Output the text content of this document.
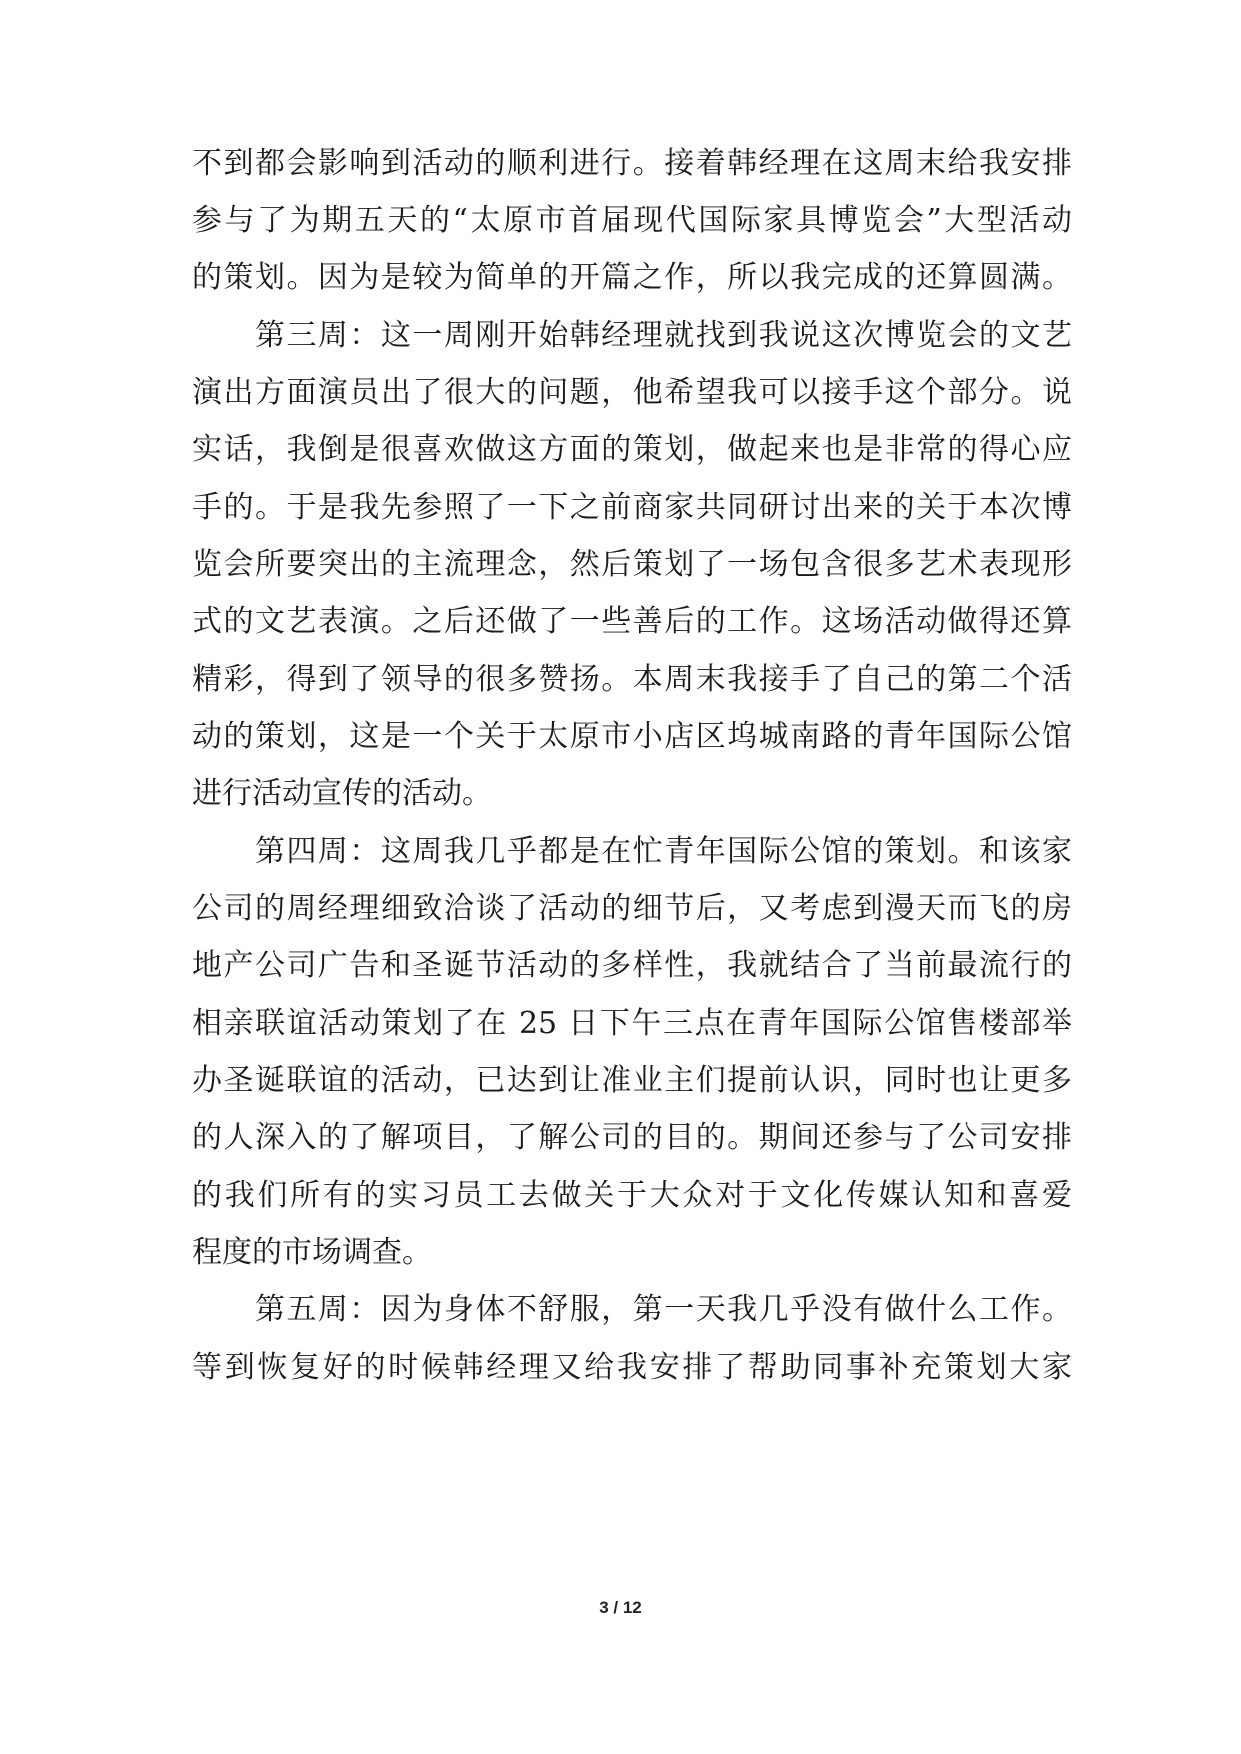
不到都会影响到活动的顺利进行。接着韩经理在这周末给我安排
参与了为期五天的“太原市首届现代国际家具博览会”大型活动
的策划。因为是较为简单的开篇之作，所以我完成的还算圆满。
　　第三周：这一周刚开始韩经理就找到我说这次博览会的文艺
演出方面演员出了很大的问题，他希望我可以接手这个部分。说
实话，我倒是很喜欢做这方面的策划，做起来也是非常的得心应
手的。于是我先参照了一下之前商家共同研讨出来的关于本次博
览会所要突出的主流理念，然后策划了一场包含很多艺术表现形
式的文艺表演。之后还做了一些善后的工作。这场活动做得还算
精彩，得到了领导的很多赞扬。本周末我接手了自己的第二个活
动的策划，这是一个关于太原市小店区坞城南路的青年国际公馆
进行活动宣传的活动。
　　第四周：这周我几乎都是在忙青年国际公馆的策划。和该家
公司的周经理细致洽谈了活动的细节后，又考虑到漫天而飞的房
地产公司广告和圣诞节活动的多样性，我就结合了当前最流行的
相亲联谊活动策划了在 25 日下午三点在青年国际公馆售楼部举
办圣诞联谊的活动，已达到让准业主们提前认识，同时也让更多
的人深入的了解项目，了解公司的目的。期间还参与了公司安排
的我们所有的实习员工去做关于大众对于文化传媒认知和喜爱
程度的市场调查。
　　第五周：因为身体不舒服，第一天我几乎没有做什么工作。
等到恢复好的时候韩经理又给我安排了帮助同事补充策划大家
3 / 12
